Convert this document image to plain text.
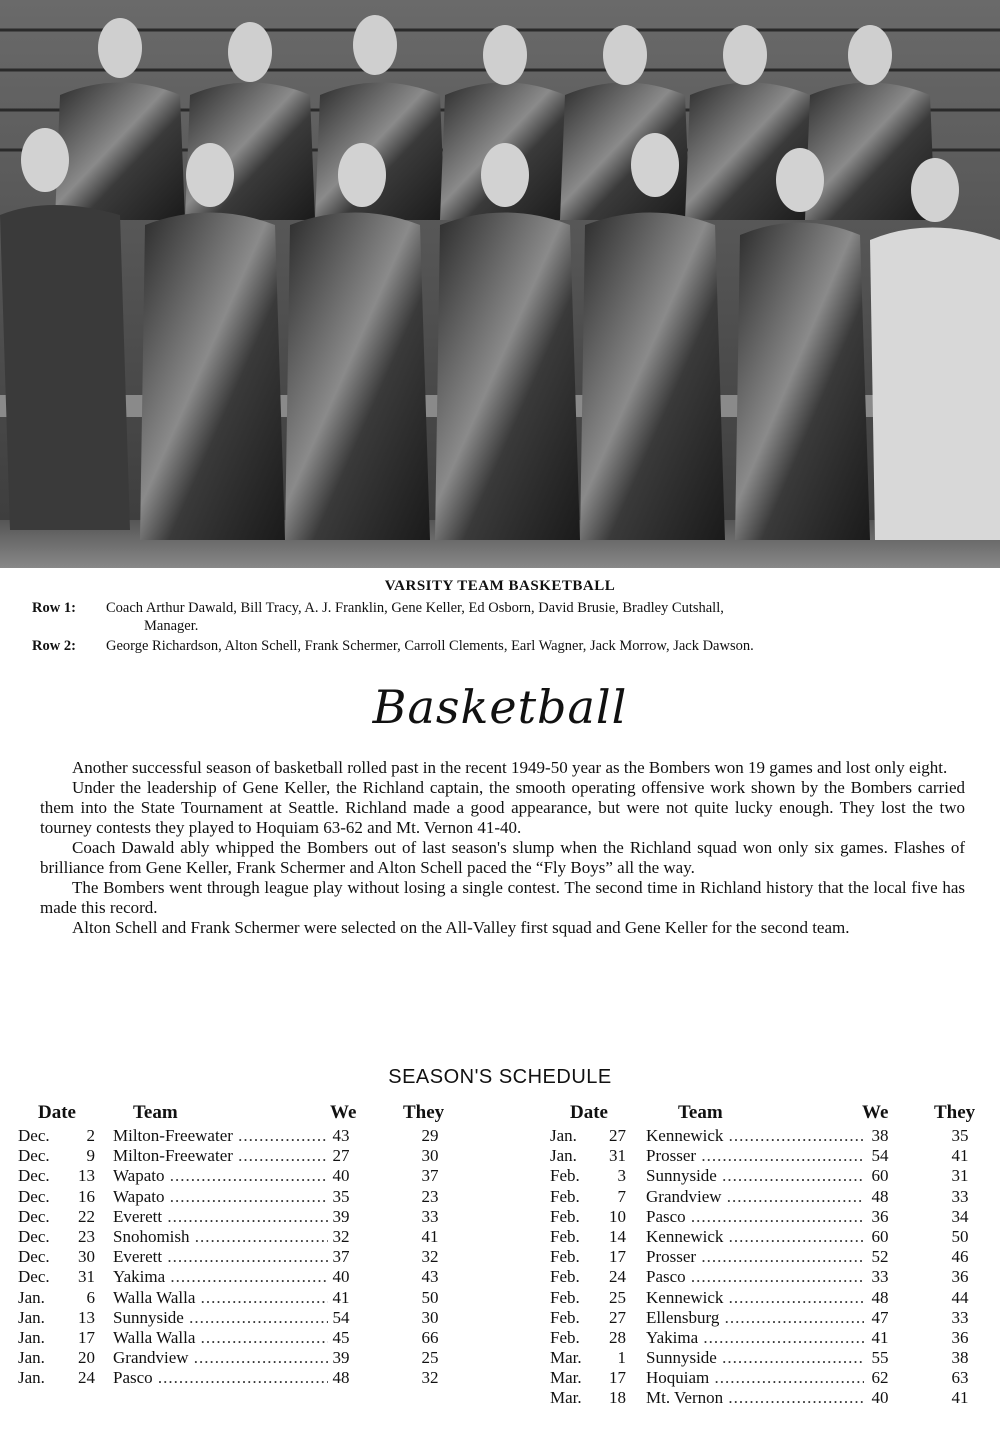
VARSITY TEAM BASKETBALL
Row 1:	Coach Arthur Dawald, Bill Tracy, A. J. Franklin, Gene Keller, Ed Osborn, David Brusie, Bradley Cutshall,
Manager.
Row 2:	George Richardson, Alton Schell, Frank Schermer, Carroll Clements, Earl Wagner, Jack Morrow, Jack Dawson.
Basketball

Another successful season of basketball rolled past in the recent 1949-50 year as the Bombers won 19 games and lost only eight.

Under the leadership of Gene Keller, the Richland captain, the smooth operating offensive work shown by the Bombers carried them into the State Tournament at Seattle. Richland made a good appearance, but were not quite lucky enough. They lost the two tourney contests they played to Hoquiam 63-62 and Mt. Vernon 41-40.

Coach Dawald ably whipped the Bombers out of last season's slump when the Richland squad won only six games. Flashes of brilliance from Gene Keller, Frank Schermer and Alton Schell paced the “Fly Boys” all the way.

The Bombers went through league play without losing a single contest. The second time in Richland history that the local five has made this record.

Alton Schell and Frank Schermer were selected on the All-Valley first squad and Gene Keller for the second team.

SEASON'S SCHEDULE
Date	Team	We They
Dec.	2 Milton-Freewater .....	43	29
Dec.	9 Milton-Freewater .....	27	30
Dec.	13 Wapato .....	40	37
Dec.	16 Wapato .....	35	23
Dec.	22 Everett .....	39	33
Dec.	23 Snohomish .....	32	41
Dec.	30 Everett .....	37	32
Dec.	31 Yakima .....	40	43
Jan.	6 Walla Walla .....	41	50
Jan.	13 Sunnyside .....	54	30
Jan.	17 Walla Walla .....	45	66
Jan.	20 Grandview .....	39	25
Jan.	24 Pasco .....	48	32
Date	Team	We They
Jan.	27 Kennewick .....	38	35
Jan.	31 Prosser .....	54	41
Feb.	3 Sunnyside .....	60	31
Feb.	7 Grandview .....	48	33
Feb.	10 Pasco .....	36	34
Feb.	14 Kennewick .....	60	50
Feb.	17 Prosser .....	52	46
Feb.	24 Pasco .....	33	36
Feb.	25 Kennewick .....	48	44
Feb.	27 Ellensburg .....	47	33
Feb.	28 Yakima .....	41	36
Mar.	1 Sunnyside .....	55	38
Mar.	17 Hoquiam .....	62	63
Mar.	18 Mt. Vernon .....	40	41
